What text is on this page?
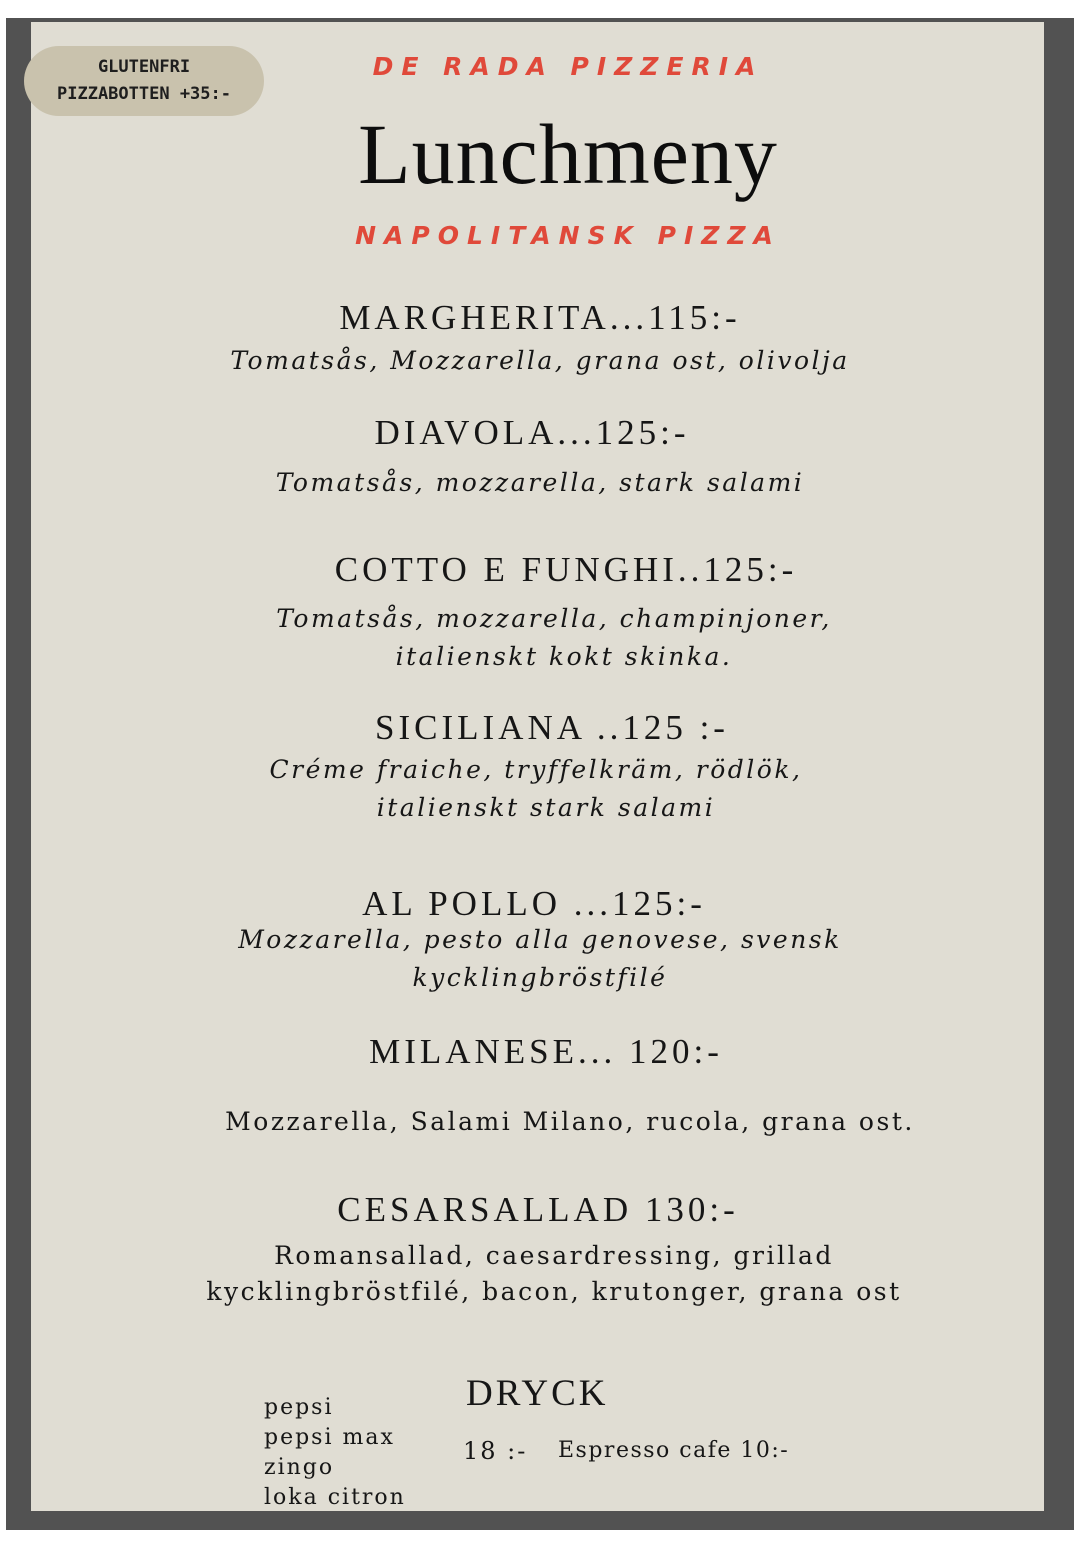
GLUTENFRI
PIZZABOTTEN +35:-
DE RADA PIZZERIA
Lunchmeny
NAPOLITANSK PIZZA
MARGHERITA...115:-
Tomatsås, Mozzarella, grana ost, olivolja
DIAVOLA...125:-
Tomatsås, mozzarella, stark salami
COTTO E FUNGHI..125:-
Tomatsås, mozzarella, champinjoner,
italienskt kokt skinka.
SICILIANA ..125 :-
Créme fraiche, tryffelkräm, rödlök,
italienskt stark salami
AL POLLO ...125:-
Mozzarella, pesto alla genovese, svensk
kycklingbröstfilé
MILANESE... 120:-
Mozzarella, Salami Milano, rucola, grana ost.
CESARSALLAD 130:-
Romansallad, caesardressing, grillad
kycklingbröstfilé, bacon, krutonger, grana ost
DRYCK
pepsi
pepsi max
zingo
loka citron
18 :- Espresso cafe 10:-
